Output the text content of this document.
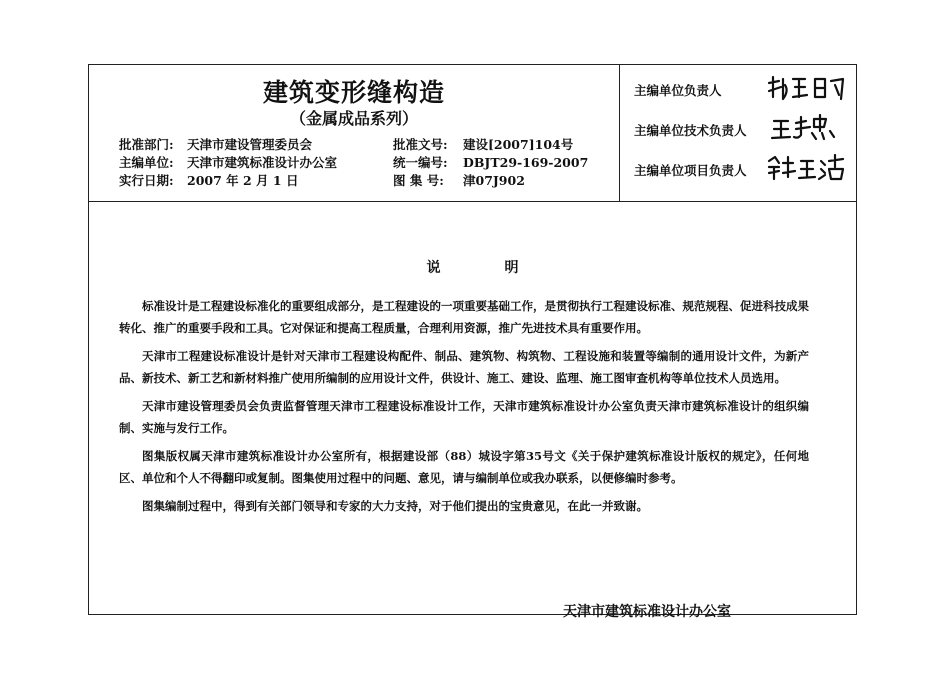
建筑变形缝构造
（金属成品系列）
批准部门: 天津市建设管理委员会	批准文号: 建设[2007]104号
主编单位: 天津市建筑标准设计办公室	统一编号: DBJT29-169-2007
实行日期: 2007 年 2 月 1 日	图 集 号: 津07J902
主编单位负责人
主编单位技术负责人
主编单位项目负责人
说明

标准设计是工程建设标准化的重要组成部分，是工程建设的一项重要基础工作，是贯彻执行工程建设标准、规范规程、促进科技成果转化、推广的重要手段和工具。它对保证和提高工程质量，合理利用资源，推广先进技术具有重要作用。

天津市工程建设标准设计是针对天津市工程建设构配件、制品、建筑物、构筑物、工程设施和装置等编制的通用设计文件，为新产品、新技术、新工艺和新材料推广使用所编制的应用设计文件，供设计、施工、建设、监理、施工图审查机构等单位技术人员选用。

天津市建设管理委员会负责监督管理天津市工程建设标准设计工作，天津市建筑标准设计办公室负责天津市建筑标准设计的组织编制、实施与发行工作。

图集版权属天津市建筑标准设计办公室所有，根据建设部（88）城设字第35号文《关于保护建筑标准设计版权的规定》，任何地区、单位和个人不得翻印或复制。图集使用过程中的问题、意见，请与编制单位或我办联系，以便修编时参考。

图集编制过程中，得到有关部门领导和专家的大力支持，对于他们提出的宝贵意见，在此一并致谢。

天津市建筑标准设计办公室
